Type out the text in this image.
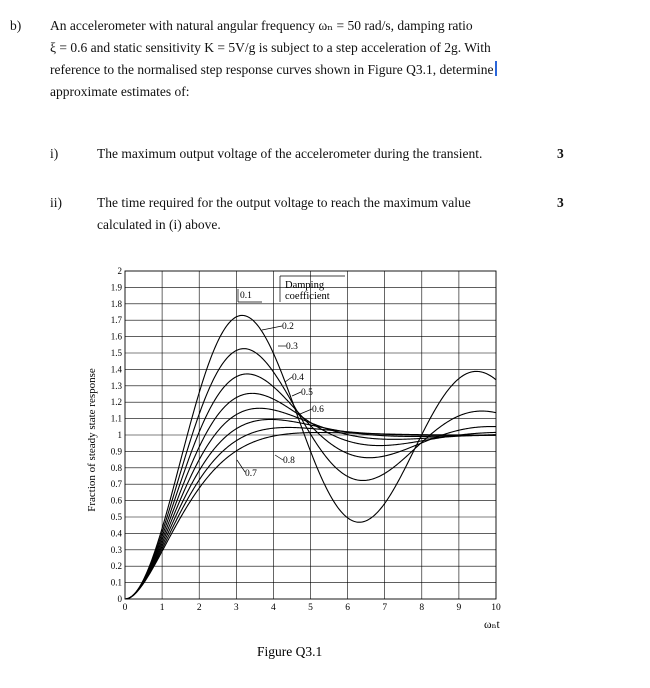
b) An accelerometer with natural angular frequency ωₙ = 50 rad/s, damping ratio
ξ = 0.6 and static sensitivity K = 5V/g is subject to a step acceleration of 2g. With
reference to the normalised step response curves shown in Figure Q3.1, determine
approximate estimates of:
i)	The maximum output voltage of the accelerometer during the transient.	3
ii)	The time required for the output voltage to reach the maximum value
calculated in (i) above.
3
0	1	2	3	4	5	6	7	8	9	10
0
0.1
0.2
0.3
0.4
0.5
0.6
0.7
0.8
0.9
1
1.1
1.2
1.3
1.4
1.5
1.6
1.7
1.8
1.9
2
0.1
0.2
0.3
0.4
0.5
0.6
0.7
0.8
Fraction of steady state response
ωₙt
Figure Q3.1
Damping
coefficient
